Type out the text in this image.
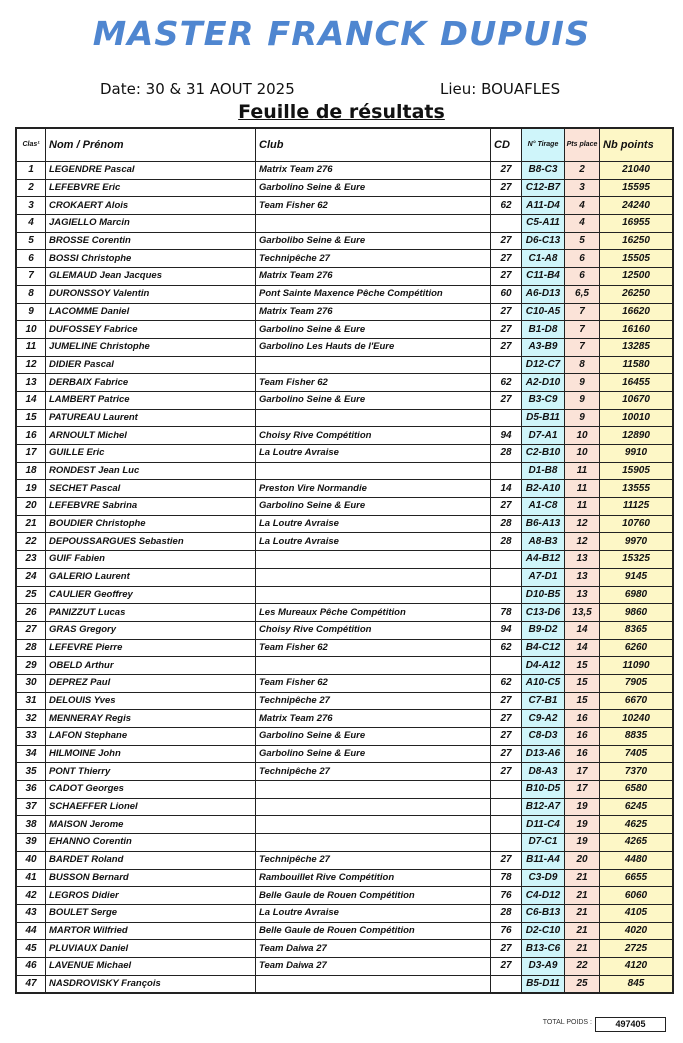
MASTER FRANCK DUPUIS
Date: 30 & 31 AOUT 2025	Lieu: BOUAFLES
Feuille de résultats
Clas¹	Nom / Prénom	Club	CD	N° Tirage	Pts place	Nb points
1	LEGENDRE Pascal	Matrix Team 276	27	B8-C3	2	21040
2	LEFEBVRE Eric	Garbolino Seine & Eure	27	C12-B7	3	15595
3	CROKAERT Alois	Team Fisher 62	62	A11-D4	4	24240
4	JAGIELLO Marcin			C5-A11	4	16955
5	BROSSE Corentin	Garbolibo Seine & Eure	27	D6-C13	5	16250
6	BOSSI Christophe	Technipêche 27	27	C1-A8	6	15505
7	GLEMAUD Jean Jacques	Matrix Team 276	27	C11-B4	6	12500
8	DURONSSOY Valentin	Pont Sainte Maxence Pêche Compétition	60	A6-D13	6,5	26250
9	LACOMME Daniel	Matrix Team 276	27	C10-A5	7	16620
10	DUFOSSEY Fabrice	Garbolino Seine & Eure	27	B1-D8	7	16160
11	JUMELINE Christophe	Garbolino Les Hauts de l'Eure	27	A3-B9	7	13285
12	DIDIER Pascal			D12-C7	8	11580
13	DERBAIX Fabrice	Team Fisher 62	62	A2-D10	9	16455
14	LAMBERT Patrice	Garbolino Seine & Eure	27	B3-C9	9	10670
15	PATUREAU Laurent			D5-B11	9	10010
16	ARNOULT Michel	Choisy Rive Compétition	94	D7-A1	10	12890
17	GUILLE Eric	La Loutre Avraise	28	C2-B10	10	9910
18	RONDEST Jean Luc			D1-B8	11	15905
19	SECHET Pascal	Preston Vire Normandie	14	B2-A10	11	13555
20	LEFEBVRE Sabrina	Garbolino Seine & Eure	27	A1-C8	11	11125
21	BOUDIER Christophe	La Loutre Avraise	28	B6-A13	12	10760
22	DEPOUSSARGUES Sebastien	La Loutre Avraise	28	A8-B3	12	9970
23	GUIF Fabien			A4-B12	13	15325
24	GALERIO Laurent			A7-D1	13	9145
25	CAULIER Geoffrey			D10-B5	13	6980
26	PANIZZUT Lucas	Les Mureaux Pêche Compétition	78	C13-D6	13,5	9860
27	GRAS Gregory	Choisy Rive Compétition	94	B9-D2	14	8365
28	LEFEVRE Pierre	Team Fisher 62	62	B4-C12	14	6260
29	OBELD Arthur			D4-A12	15	11090
30	DEPREZ Paul	Team Fisher 62	62	A10-C5	15	7905
31	DELOUIS Yves	Technipêche 27	27	C7-B1	15	6670
32	MENNERAY Regis	Matrix Team 276	27	C9-A2	16	10240
33	LAFON Stephane	Garbolino Seine & Eure	27	C8-D3	16	8835
34	HILMOINE John	Garbolino Seine & Eure	27	D13-A6	16	7405
35	PONT Thierry	Technipêche 27	27	D8-A3	17	7370
36	CADOT Georges			B10-D5	17	6580
37	SCHAEFFER Lionel			B12-A7	19	6245
38	MAISON Jerome			D11-C4	19	4625
39	EHANNO Corentin			D7-C1	19	4265
40	BARDET Roland	Technipêche 27	27	B11-A4	20	4480
41	BUSSON Bernard	Rambouillet Rive Compétition	78	C3-D9	21	6655
42	LEGROS Didier	Belle Gaule de Rouen Compétition	76	C4-D12	21	6060
43	BOULET Serge	La Loutre Avraise	28	C6-B13	21	4105
44	MARTOR Wilfried	Belle Gaule de Rouen Compétition	76	D2-C10	21	4020
45	PLUVIAUX Daniel	Team Daiwa 27	27	B13-C6	21	2725
46	LAVENUE Michael	Team Daiwa 27	27	D3-A9	22	4120
47	NASDROVISKY François			B5-D11	25	845
TOTAL POIDS :	497405
